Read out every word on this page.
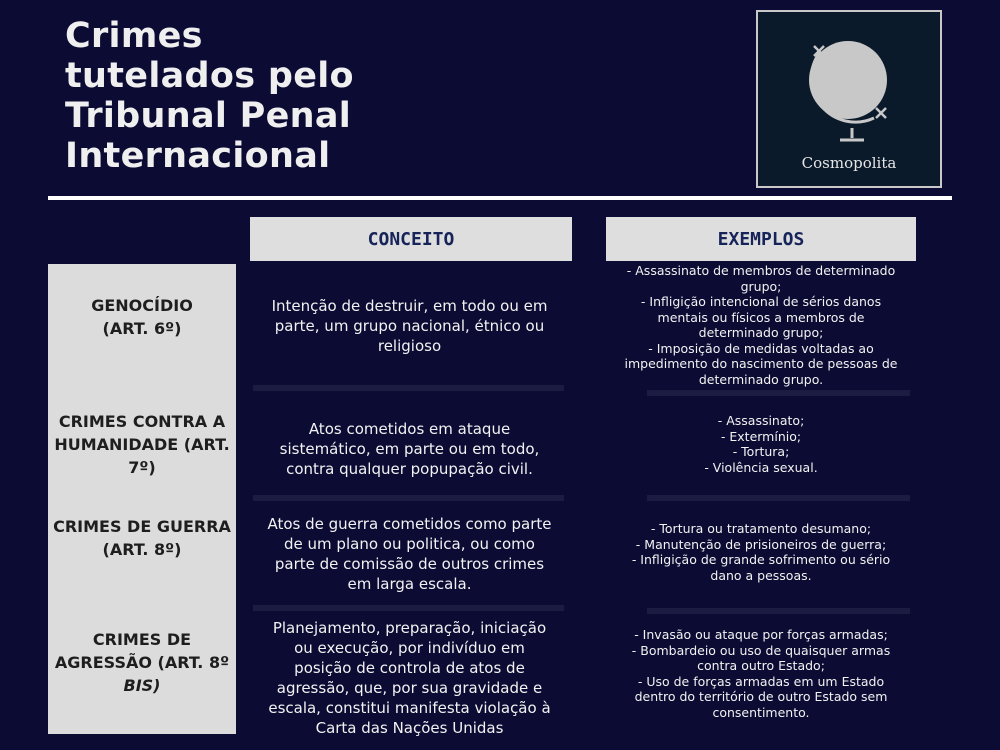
Crimes
tutelados pelo
Tribunal Penal
Internacional	Cosmopolita
CONCEITO	EXEMPLOS
GENOCÍDIO
(ART. 6º)
Intenção de destruir, em todo ou em
parte, um grupo nacional, étnico ou
religioso
- Assassinato de membros de determinado
grupo;
- Infligição intencional de sérios danos
mentais ou físicos a membros de
determinado grupo;
- Imposição de medidas voltadas ao
impedimento do nascimento de pessoas de
determinado grupo.
CRIMES CONTRA A
HUMANIDADE (ART.
7º)
Atos cometidos em ataque
sistemático, em parte ou em todo,
contra qualquer popupação civil.
- Assassinato;
- Extermínio;
- Tortura;
- Violência sexual.
CRIMES DE GUERRA
(ART. 8º)
Atos de guerra cometidos como parte
de um plano ou politica, ou como
parte de comissão de outros crimes
em larga escala.
- Tortura ou tratamento desumano;
- Manutenção de prisioneiros de guerra;
- Infligição de grande sofrimento ou sério
dano a pessoas.
CRIMES DE
AGRESSÃO (ART. 8º
BIS)
Planejamento, preparação, iniciação
ou execução, por indivíduo em
posição de controla de atos de
agressão, que, por sua gravidade e
escala, constitui manifesta violação à
Carta das Nações Unidas
- Invasão ou ataque por forças armadas;
- Bombardeio ou uso de quaisquer armas
contra outro Estado;
- Uso de forças armadas em um Estado
dentro do território de outro Estado sem
consentimento.
